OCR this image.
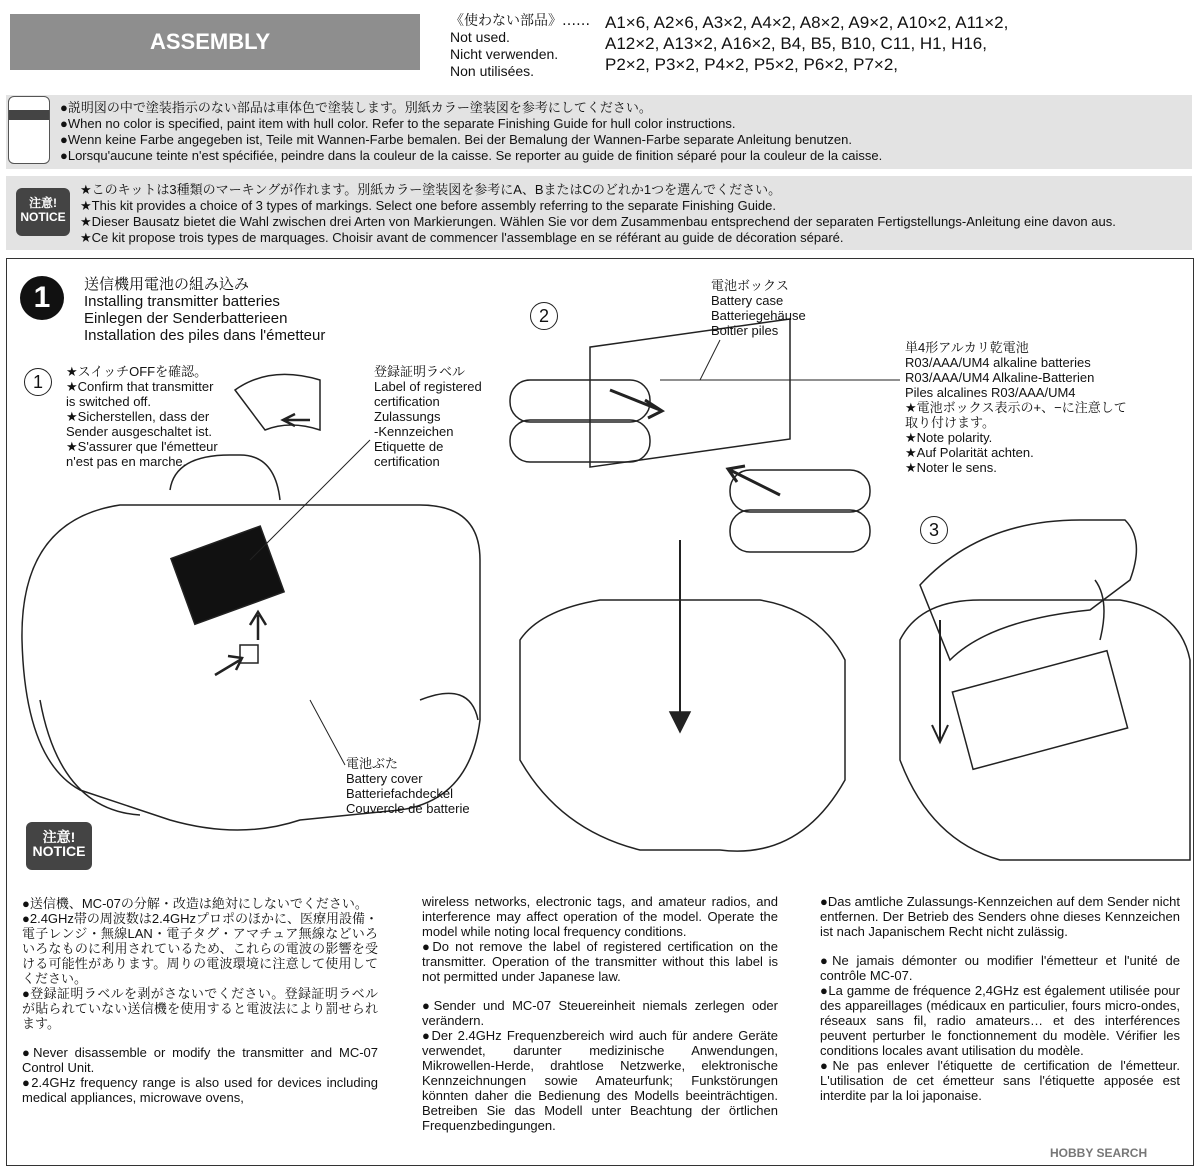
ASSEMBLY
《使わない部品》‥‥‥
Not used.
Nicht verwenden.
Non utilisées.
A1×6, A2×6, A3×2, A4×2, A8×2, A9×2, A10×2, A11×2,
A12×2, A13×2, A16×2, B4, B5, B10, C11, H1, H16,
P2×2, P3×2, P4×2, P5×2, P6×2, P7×2,
●説明図の中で塗装指示のない部品は車体色で塗装します。別紙カラー塗装図を参考にしてください。
●When no color is specified, paint item with hull color. Refer to the separate Finishing Guide for hull color instructions.
●Wenn keine Farbe angegeben ist, Teile mit Wannen-Farbe bemalen. Bei der Bemalung der Wannen-Farbe separate Anleitung benutzen.
●Lorsqu'aucune teinte n'est spécifiée, peindre dans la couleur de la caisse. Se reporter au guide de finition séparé pour la couleur de la caisse.
注意!
NOTICE
★このキットは3種類のマーキングが作れます。別紙カラー塗装図を参考にA、BまたはCのどれか1つを選んでください。
★This kit provides a choice of 3 types of markings. Select one before assembly referring to the separate Finishing Guide.
★Dieser Bausatz bietet die Wahl zwischen drei Arten von Markierungen. Wählen Sie vor dem Zusammenbau entsprechend der separaten Fertigstellungs-Anleitung eine davon aus.
★Ce kit propose trois types de marquages. Choisir avant de commencer l'assemblage en se référant au guide de décoration séparé.
1	送信機用電池の組み込み
Installing transmitter batteries
Einlegen der Senderbatterieen
Installation des piles dans l'émetteur
1
★スイッチOFFを確認。
★Confirm that transmitter
is switched off.
★Sicherstellen, dass der
Sender ausgeschaltet ist.
★S'assurer que l'émetteur
n'est pas en marche.
登録証明ラベル
Label of registered
certification
Zulassungs
-Kennzeichen
Etiquette de
certification
電池ぶた
Battery cover
Batteriefachdeckel
Couvercle de batterie
2
電池ボックス
Battery case
Batteriegehäuse
Boitier piles
単4形アルカリ乾電池
R03/AAA/UM4 alkaline batteries
R03/AAA/UM4 Alkaline-Batterien
Piles alcalines R03/AAA/UM4
★電池ボックス表示の+、−に注意して
取り付けます。
★Note polarity.
★Auf Polarität achten.
★Noter le sens.
3
注意!
NOTICE
●送信機、MC-07の分解・改造は絶対にしないでください。
●2.4GHz帯の周波数は2.4GHzプロポのほかに、医療用設備・電子レンジ・無線LAN・電子タグ・アマチュア無線などいろいろなものに利用されているため、これらの電波の影響を受ける可能性があります。周りの電波環境に注意して使用してください。
●登録証明ラベルを剥がさないでください。登録証明ラベルが貼られていない送信機を使用すると電波法により罰せられます。
●Never disassemble or modify the transmitter and MC-07 Control Unit.
●2.4GHz frequency range is also used for devices including medical appliances, microwave ovens,
wireless networks, electronic tags, and amateur radios, and interference may affect operation of the model. Operate the model while noting local frequency conditions.
●Do not remove the label of registered certification on the transmitter. Operation of the transmitter without this label is not permitted under Japanese law.
●Sender und MC-07 Steuereinheit niemals zerlegen oder verändern.
●Der 2.4GHz Frequenzbereich wird auch für andere Geräte verwendet, darunter medizinische Anwendungen, Mikrowellen-Herde, drahtlose Netzwerke, elektronische Kennzeichnungen sowie Amateurfunk; Funkstörungen könnten daher die Bedienung des Modells beeinträchtigen. Betreiben Sie das Modell unter Beachtung der örtlichen Frequenzbedingungen.
●Das amtliche Zulassungs-Kennzeichen auf dem Sender nicht entfernen. Der Betrieb des Senders ohne dieses Kennzeichen ist nach Japanischem Recht nicht zulässig.
●Ne jamais démonter ou modifier l'émetteur et l'unité de contrôle MC-07.
●La gamme de fréquence 2,4GHz est également utilisée pour des appareillages (médicaux en particulier, fours micro-ondes, réseaux sans fil, radio amateurs… et des interférences peuvent perturber le fonctionnement du modèle. Vérifier les conditions locales avant utilisation du modèle.
●Ne pas enlever l'étiquette de certification de l'émetteur. L'utilisation de cet émetteur sans l'étiquette apposée est interdite par la loi japonaise.
HOBBY SEARCH
